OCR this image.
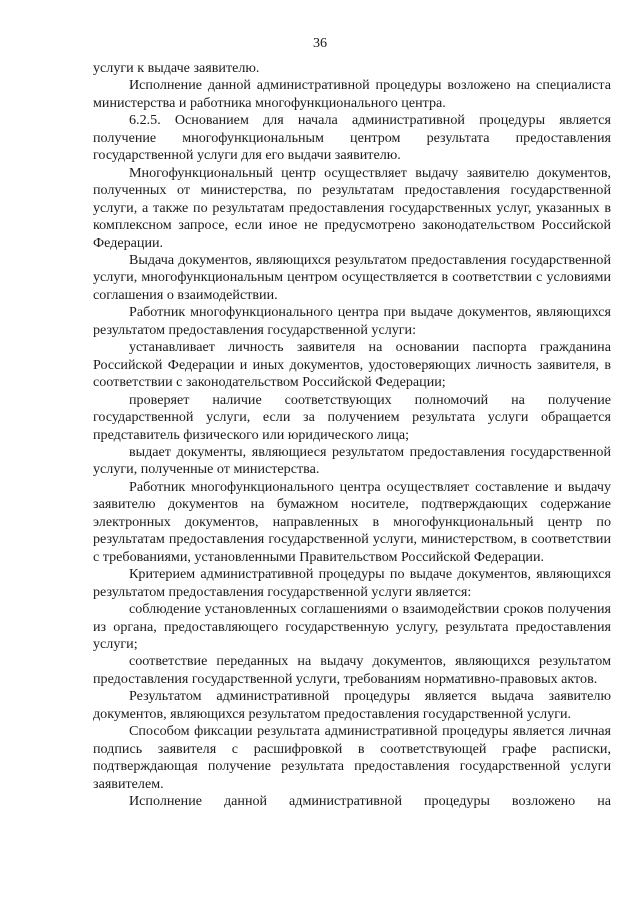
36

услуги к выдаче заявителю.

Исполнение данной административной процедуры возложено на специалиста министерства и работника многофункционального центра.

6.2.5. Основанием для начала административной процедуры является получение многофункциональным центром результата предоставления государственной услуги для его выдачи заявителю.

Многофункциональный центр осуществляет выдачу заявителю документов, полученных от министерства, по результатам предоставления государственной услуги, а также по результатам предоставления государственных услуг, указанных в комплексном запросе, если иное не предусмотрено законодательством Российской Федерации.

Выдача документов, являющихся результатом предоставления государственной услуги, многофункциональным центром осуществляется в соответствии с условиями соглашения о взаимодействии.

Работник многофункционального центра при выдаче документов, являющихся результатом предоставления государственной услуги:

устанавливает личность заявителя на основании паспорта гражданина Российской Федерации и иных документов, удостоверяющих личность заявителя, в соответствии с законодательством Российской Федерации;

проверяет наличие соответствующих полномочий на получение государственной услуги, если за получением результата услуги обращается представитель физического или юридического лица;

выдает документы, являющиеся результатом предоставления государственной услуги, полученные от министерства.

Работник многофункционального центра осуществляет составление и выдачу заявителю документов на бумажном носителе, подтверждающих содержание электронных документов, направленных в многофункциональный центр по результатам предоставления государственной услуги, министерством, в соответствии с требованиями, установленными Правительством Российской Федерации.

Критерием административной процедуры по выдаче документов, являющихся результатом предоставления государственной услуги является:

соблюдение установленных соглашениями о взаимодействии сроков получения из органа, предоставляющего государственную услугу, результата предоставления услуги;

соответствие переданных на выдачу документов, являющихся результатом предоставления государственной услуги, требованиям нормативно-правовых актов.

Результатом административной процедуры является выдача заявителю документов, являющихся результатом предоставления государственной услуги.

Способом фиксации результата административной процедуры является личная подпись заявителя с расшифровкой в соответствующей графе расписки, подтверждающая получение результата предоставления государственной услуги заявителем.

Исполнение данной административной процедуры возложено на
